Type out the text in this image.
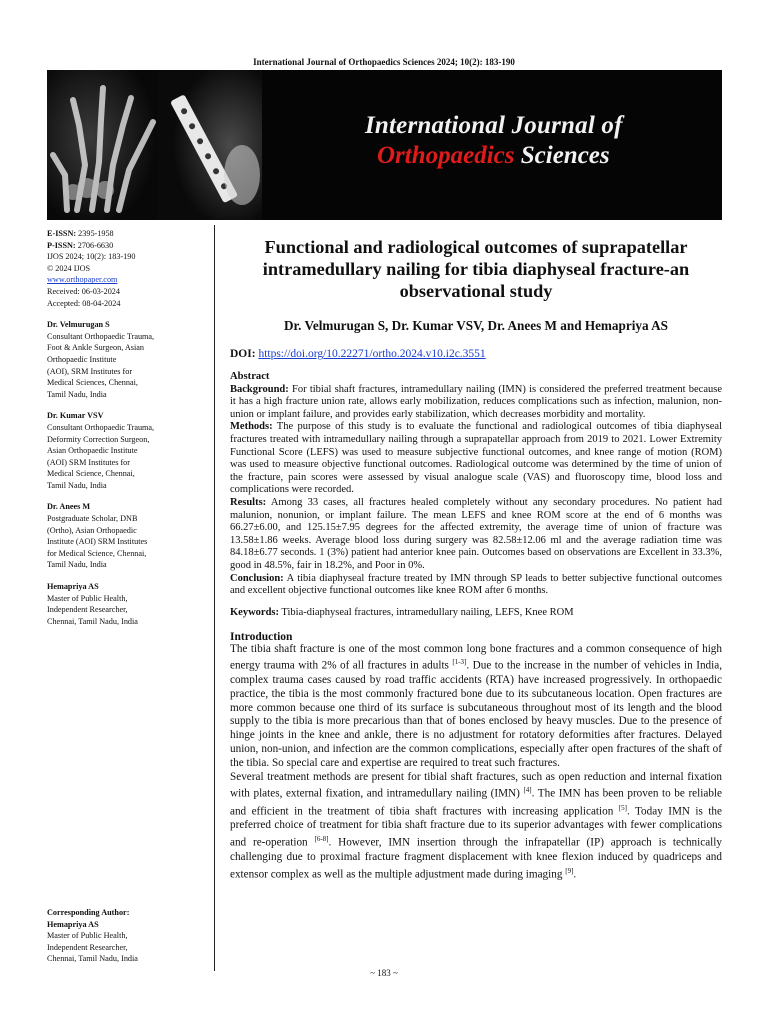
International Journal of Orthopaedics Sciences 2024; 10(2): 183-190
International Journal of
Orthopaedics Sciences
E-ISSN: 2395-1958
P-ISSN: 2706-6630
IJOS 2024; 10(2): 183-190
© 2024 IJOS
www.orthopaper.com
Received: 06-03-2024
Accepted: 08-04-2024
Dr. Velmurugan S
Consultant Orthopaedic Trauma,
Foot & Ankle Surgeon, Asian
Orthopaedic Institute
(AOI), SRM Institutes for
Medical Sciences, Chennai,
Tamil Nadu, India
Dr. Kumar VSV
Consultant Orthopaedic Trauma,
Deformity Correction Surgeon,
Asian Orthopaedic Institute
(AOI) SRM Institutes for
Medical Science, Chennai,
Tamil Nadu, India
Dr. Anees M
Postgraduate Scholar, DNB
(Ortho), Asian Orthopaedic
Institute (AOI) SRM Institutes
for Medical Science, Chennai,
Tamil Nadu, India
Hemapriya AS
Master of Public Health,
Independent Researcher,
Chennai, Tamil Nadu, India
Corresponding Author:
Hemapriya AS
Master of Public Health,
Independent Researcher,
Chennai, Tamil Nadu, India
Functional and radiological outcomes of suprapatellar intramedullary nailing for tibia diaphyseal fracture-an observational study
Dr. Velmurugan S, Dr. Kumar VSV, Dr. Anees M and Hemapriya AS
DOI: https://doi.org/10.22271/ortho.2024.v10.i2c.3551
Abstract

Background: For tibial shaft fractures, intramedullary nailing (IMN) is considered the preferred treatment because it has a high fracture union rate, allows early mobilization, reduces complications such as infection, malunion, non-union or implant failure, and provides early stabilization, which decreases morbidity and mortality.

Methods: The purpose of this study is to evaluate the functional and radiological outcomes of tibia diaphyseal fractures treated with intramedullary nailing through a suprapatellar approach from 2019 to 2021. Lower Extremity Functional Score (LEFS) was used to measure subjective functional outcomes, and knee range of motion (ROM) was used to measure objective functional outcomes. Radiological outcome was determined by the time of union of the fracture, pain scores were assessed by visual analogue scale (VAS) and fluoroscopy time, blood loss and complications were recorded.

Results: Among 33 cases, all fractures healed completely without any secondary procedures. No patient had malunion, nonunion, or implant failure. The mean LEFS and knee ROM score at the end of 6 months was 66.27±6.00, and 125.15±7.95 degrees for the affected extremity, the average time of union of fracture was 13.58±1.86 weeks. Average blood loss during surgery was 82.58±12.06 ml and the average radiation time was 84.18±6.77 seconds. 1 (3%) patient had anterior knee pain. Outcomes based on observations are Excellent in 33.3%, good in 48.5%, fair in 18.2%, and Poor in 0%.

Conclusion: A tibia diaphyseal fracture treated by IMN through SP leads to better subjective functional outcomes and excellent objective functional outcomes like knee ROM after 6 months.

Keywords: Tibia-diaphyseal fractures, intramedullary nailing, LEFS, Knee ROM
Introduction

The tibia shaft fracture is one of the most common long bone fractures and a common consequence of high energy trauma with 2% of all fractures in adults [1-3]. Due to the increase in the number of vehicles in India, complex trauma cases caused by road traffic accidents (RTA) have increased progressively. In orthopaedic practice, the tibia is the most commonly fractured bone due to its subcutaneous location. Open fractures are more common because one third of its surface is subcutaneous throughout most of its length and the blood supply to the tibia is more precarious than that of bones enclosed by heavy muscles. Due to the presence of hinge joints in the knee and ankle, there is no adjustment for rotatory deformities after fractures. Delayed union, non-union, and infection are the common complications, especially after open fractures of the shaft of the tibia. So special care and expertise are required to treat such fractures.

Several treatment methods are present for tibial shaft fractures, such as open reduction and internal fixation with plates, external fixation, and intramedullary nailing (IMN) [4]. The IMN has been proven to be reliable and efficient in the treatment of tibia shaft fractures with increasing application [5]. Today IMN is the preferred choice of treatment for tibia shaft fracture due to its superior advantages with fewer complications and re-operation [6-8]. However, IMN insertion through the infrapatellar (IP) approach is technically challenging due to proximal fracture fragment displacement with knee flexion induced by quadriceps and extensor complex as well as the multiple adjustment made during imaging [9].

~ 183 ~
